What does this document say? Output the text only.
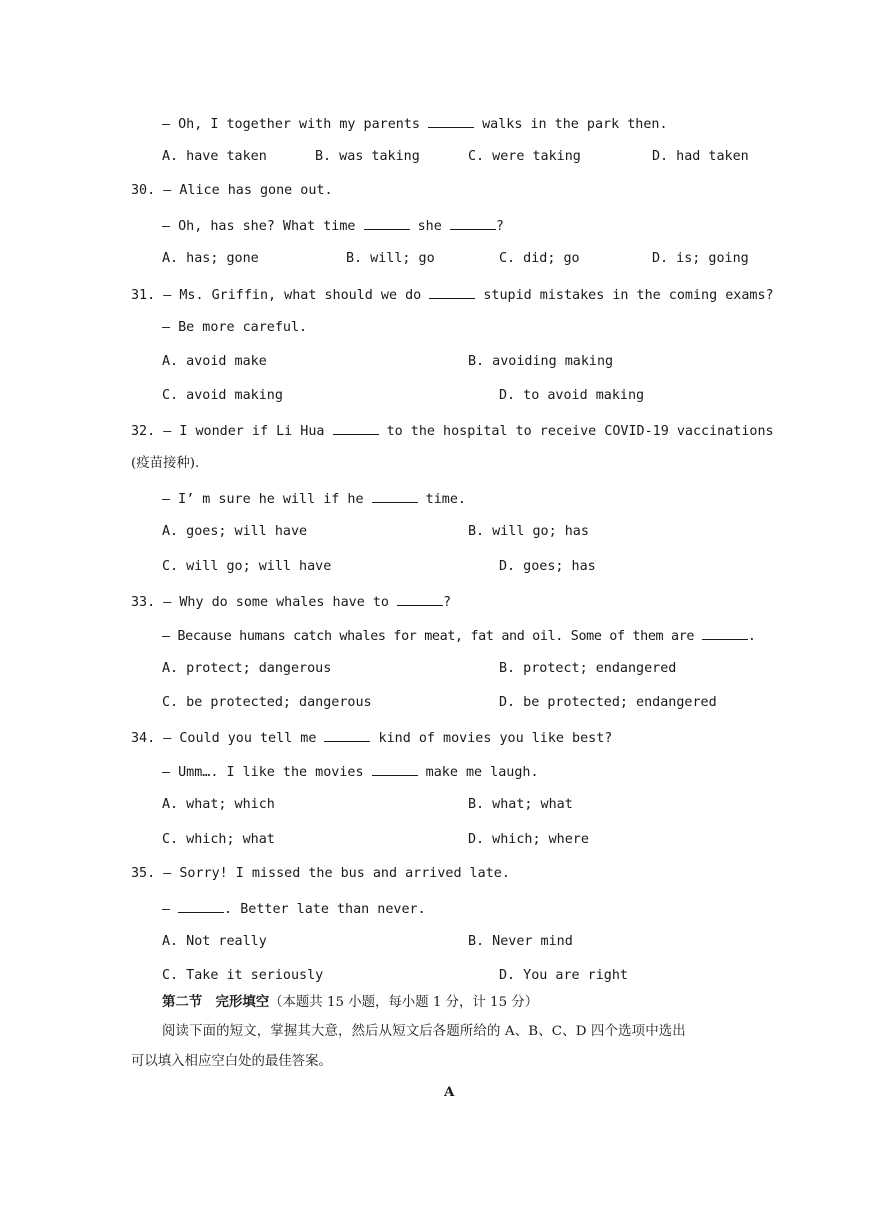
— Oh, I together with my parents	walks in the park then.
A. have taken	B. was taking	C. were taking	D. had taken
30. — Alice has gone out.
— Oh, has she? What time	she	?
A. has; gone	B. will; go	C. did; go	D. is; going
31. — Ms. Griffin, what should we do	stupid mistakes in the coming exams?
— Be more careful.
A. avoid make	B. avoiding making
C. avoid making	D. to avoid making
32. — I wonder if Li Hua	to the hospital to receive COVID-19 vaccinations
(疫苗接种).
— I’ m sure he will if he	time.
A. goes; will have	B. will go; has
C. will go; will have	D. goes; has
33. — Why do some whales have to	?
— Because humans catch whales for meat, fat and oil. Some of them are	.
A. protect; dangerous	B. protect; endangered
C. be protected; dangerous	D. be protected; endangered
34. — Could you tell me	kind of movies you like best?
— Umm…. I like the movies	make me laugh.
A. what; which	B. what; what
C. which; what	D. which; where
35. — Sorry! I missed the bus and arrived late.
—	. Better late than never.
A. Not really	B. Never mind
C. Take it seriously	D. You are right
第二节　完形填空（本题共 15 小题，每小题 1 分，计 15 分）
阅读下面的短文，掌握其大意，然后从短文后各题所给的 A、B、C、D 四个选项中选出
可以填入相应空白处的最佳答案。
A
